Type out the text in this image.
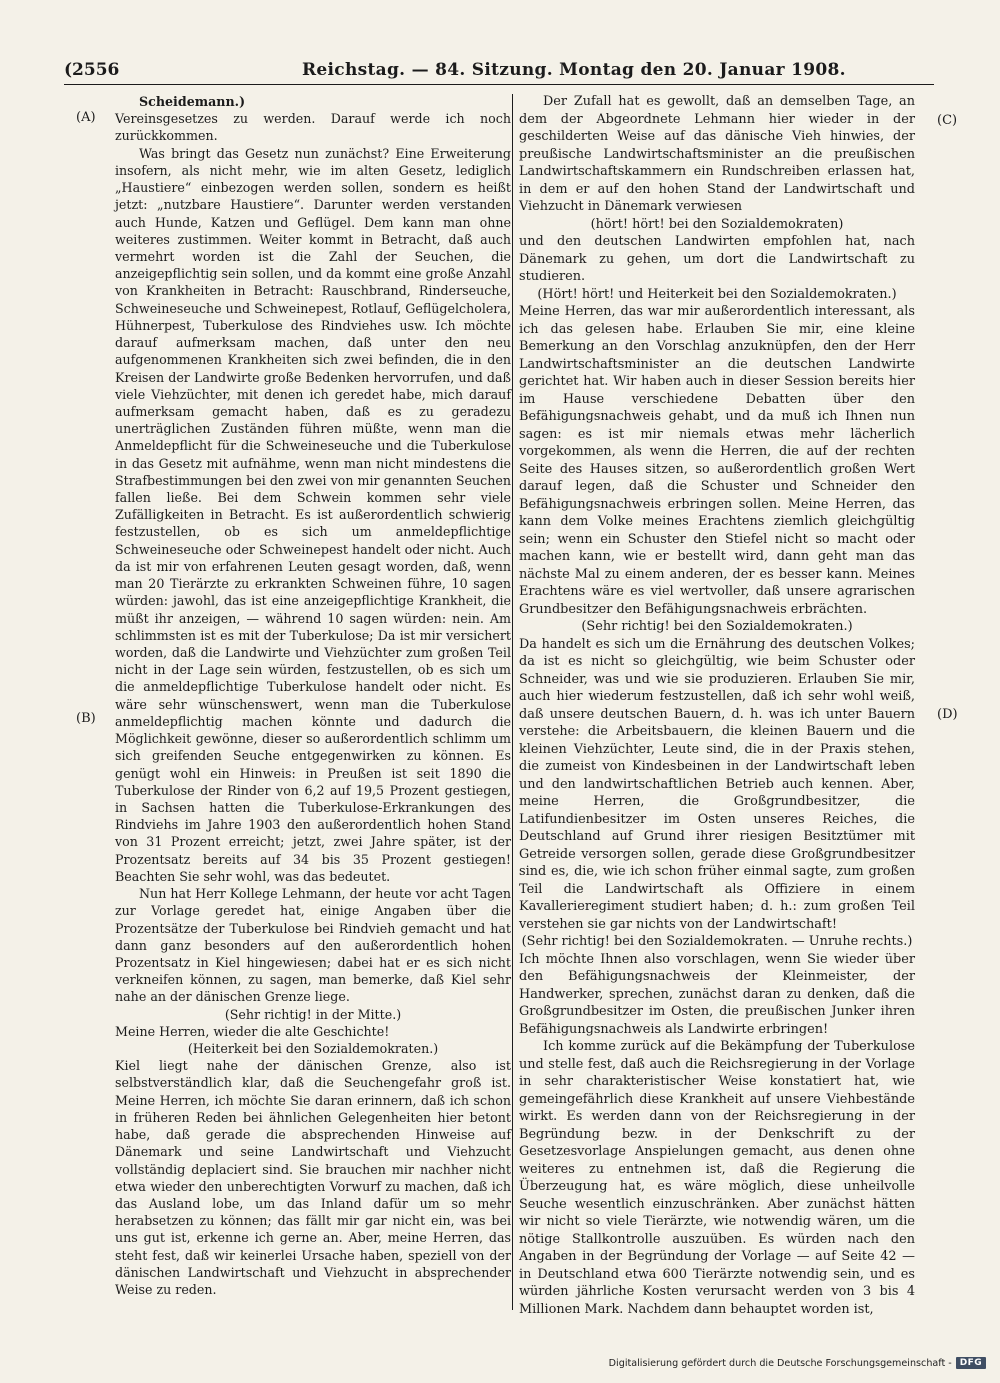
(2556	Reichstag. — 84. Sitzung. Montag den 20. Januar 1908.
(A)
(B)
(C)
(D)

Scheidemann.)

Vereinsgesetzes zu werden. Darauf werde ich noch zurückkommen.

Was bringt das Gesetz nun zunächst? Eine Erweiterung insofern, als nicht mehr, wie im alten Gesetz, lediglich „Haustiere“ einbezogen werden sollen, sondern es heißt jetzt: „nutzbare Haustiere“. Darunter werden verstanden auch Hunde, Katzen und Geflügel. Dem kann man ohne weiteres zustimmen. Weiter kommt in Betracht, daß auch vermehrt worden ist die Zahl der Seuchen, die anzeigepflichtig sein sollen, und da kommt eine große Anzahl von Krankheiten in Betracht: Rauschbrand, Rinderseuche, Schweineseuche und Schweinepest, Rotlauf, Geflügelcholera, Hühnerpest, Tuberkulose des Rindviehes usw. Ich möchte darauf aufmerksam machen, daß unter den neu aufgenommenen Krankheiten sich zwei befinden, die in den Kreisen der Landwirte große Bedenken hervorrufen, und daß viele Viehzüchter, mit denen ich geredet habe, mich darauf aufmerksam gemacht haben, daß es zu geradezu unerträglichen Zuständen führen müßte, wenn man die Anmeldepflicht für die Schweineseuche und die Tuberkulose in das Gesetz mit aufnähme, wenn man nicht mindestens die Strafbestimmungen bei den zwei von mir genannten Seuchen fallen ließe. Bei dem Schwein kommen sehr viele Zufälligkeiten in Betracht. Es ist außerordentlich schwierig festzustellen, ob es sich um anmeldepflichtige Schweineseuche oder Schweinepest handelt oder nicht. Auch da ist mir von erfahrenen Leuten gesagt worden, daß, wenn man 20 Tierärzte zu erkrankten Schweinen führe, 10 sagen würden: jawohl, das ist eine anzeigepflichtige Krankheit, die müßt ihr anzeigen, — während 10 sagen würden: nein. Am schlimmsten ist es mit der Tuberkulose; Da ist mir versichert worden, daß die Landwirte und Viehzüchter zum großen Teil nicht in der Lage sein würden, festzustellen, ob es sich um die anmeldepflichtige Tuberkulose handelt oder nicht. Es wäre sehr wünschenswert, wenn man die Tuberkulose anmeldepflichtig machen könnte und dadurch die Möglichkeit gewönne, dieser so außerordentlich schlimm um sich greifenden Seuche entgegenwirken zu können. Es genügt wohl ein Hinweis: in Preußen ist seit 1890 die Tuberkulose der Rinder von 6,2 auf 19,5 Prozent gestiegen, in Sachsen hatten die Tuberkulose-Erkrankungen des Rindviehs im Jahre 1903 den außerordentlich hohen Stand von 31 Prozent erreicht; jetzt, zwei Jahre später, ist der Prozentsatz bereits auf 34 bis 35 Prozent gestiegen! Beachten Sie sehr wohl, was das bedeutet.

Nun hat Herr Kollege Lehmann, der heute vor acht Tagen zur Vorlage geredet hat, einige Angaben über die Prozentsätze der Tuberkulose bei Rindvieh gemacht und hat dann ganz besonders auf den außerordentlich hohen Prozentsatz in Kiel hingewiesen; dabei hat er es sich nicht verkneifen können, zu sagen, man bemerke, daß Kiel sehr nahe an der dänischen Grenze liege.

(Sehr richtig! in der Mitte.)

Meine Herren, wieder die alte Geschichte!

(Heiterkeit bei den Sozialdemokraten.)

Kiel liegt nahe der dänischen Grenze, also ist selbstverständlich klar, daß die Seuchengefahr groß ist. Meine Herren, ich möchte Sie daran erinnern, daß ich schon in früheren Reden bei ähnlichen Gelegenheiten hier betont habe, daß gerade die absprechenden Hinweise auf Dänemark und seine Landwirtschaft und Viehzucht vollständig deplaciert sind. Sie brauchen mir nachher nicht etwa wieder den unberechtigten Vorwurf zu machen, daß ich das Ausland lobe, um das Inland dafür um so mehr herabsetzen zu können; das fällt mir gar nicht ein, was bei uns gut ist, erkenne ich gerne an. Aber, meine Herren, das steht fest, daß wir keinerlei Ursache haben, speziell von der dänischen Landwirtschaft und Viehzucht in absprechender Weise zu reden.

Der Zufall hat es gewollt, daß an demselben Tage, an dem der Abgeordnete Lehmann hier wieder in der geschilderten Weise auf das dänische Vieh hinwies, der preußische Landwirtschaftsminister an die preußischen Landwirtschaftskammern ein Rundschreiben erlassen hat, in dem er auf den hohen Stand der Landwirtschaft und Viehzucht in Dänemark verwiesen

(hört! hört! bei den Sozialdemokraten)

und den deutschen Landwirten empfohlen hat, nach Dänemark zu gehen, um dort die Landwirtschaft zu studieren.

(Hört! hört! und Heiterkeit bei den Sozialdemokraten.)

Meine Herren, das war mir außerordentlich interessant, als ich das gelesen habe. Erlauben Sie mir, eine kleine Bemerkung an den Vorschlag anzuknüpfen, den der Herr Landwirtschaftsminister an die deutschen Landwirte gerichtet hat. Wir haben auch in dieser Session bereits hier im Hause verschiedene Debatten über den Befähigungsnachweis gehabt, und da muß ich Ihnen nun sagen: es ist mir niemals etwas mehr lächerlich vorgekommen, als wenn die Herren, die auf der rechten Seite des Hauses sitzen, so außerordentlich großen Wert darauf legen, daß die Schuster und Schneider den Befähigungsnachweis erbringen sollen. Meine Herren, das kann dem Volke meines Erachtens ziemlich gleichgültig sein; wenn ein Schuster den Stiefel nicht so macht oder machen kann, wie er bestellt wird, dann geht man das nächste Mal zu einem anderen, der es besser kann. Meines Erachtens wäre es viel wertvoller, daß unsere agrarischen Grundbesitzer den Befähigungsnachweis erbrächten.

(Sehr richtig! bei den Sozialdemokraten.)

Da handelt es sich um die Ernährung des deutschen Volkes; da ist es nicht so gleichgültig, wie beim Schuster oder Schneider, was und wie sie produzieren. Erlauben Sie mir, auch hier wiederum festzustellen, daß ich sehr wohl weiß, daß unsere deutschen Bauern, d. h. was ich unter Bauern verstehe: die Arbeitsbauern, die kleinen Bauern und die kleinen Viehzüchter, Leute sind, die in der Praxis stehen, die zumeist von Kindesbeinen in der Landwirtschaft leben und den landwirtschaftlichen Betrieb auch kennen. Aber, meine Herren, die Großgrundbesitzer, die Latifundienbesitzer im Osten unseres Reiches, die Deutschland auf Grund ihrer riesigen Besitztümer mit Getreide versorgen sollen, gerade diese Großgrundbesitzer sind es, die, wie ich schon früher einmal sagte, zum großen Teil die Landwirtschaft als Offiziere in einem Kavallerieregiment studiert haben; d. h.: zum großen Teil verstehen sie gar nichts von der Landwirtschaft!

(Sehr richtig! bei den Sozialdemokraten. — Unruhe rechts.)

Ich möchte Ihnen also vorschlagen, wenn Sie wieder über den Befähigungsnachweis der Kleinmeister, der Handwerker, sprechen, zunächst daran zu denken, daß die Großgrundbesitzer im Osten, die preußischen Junker ihren Befähigungsnachweis als Landwirte erbringen!

Ich komme zurück auf die Bekämpfung der Tuberkulose und stelle fest, daß auch die Reichsregierung in der Vorlage in sehr charakteristischer Weise konstatiert hat, wie gemeingefährlich diese Krankheit auf unsere Viehbestände wirkt. Es werden dann von der Reichsregierung in der Begründung bezw. in der Denkschrift zu der Gesetzesvorlage Anspielungen gemacht, aus denen ohne weiteres zu entnehmen ist, daß die Regierung die Überzeugung hat, es wäre möglich, diese unheilvolle Seuche wesentlich einzuschränken. Aber zunächst hätten wir nicht so viele Tierärzte, wie notwendig wären, um die nötige Stallkontrolle auszuüben. Es würden nach den Angaben in der Begründung der Vorlage — auf Seite 42 — in Deutschland etwa 600 Tierärzte notwendig sein, und es würden jährliche Kosten verursacht werden von 3 bis 4 Millionen Mark. Nachdem dann behauptet worden ist,

Digitalisierung gefördert durch die Deutsche Forschungsgemeinschaft - DFG
